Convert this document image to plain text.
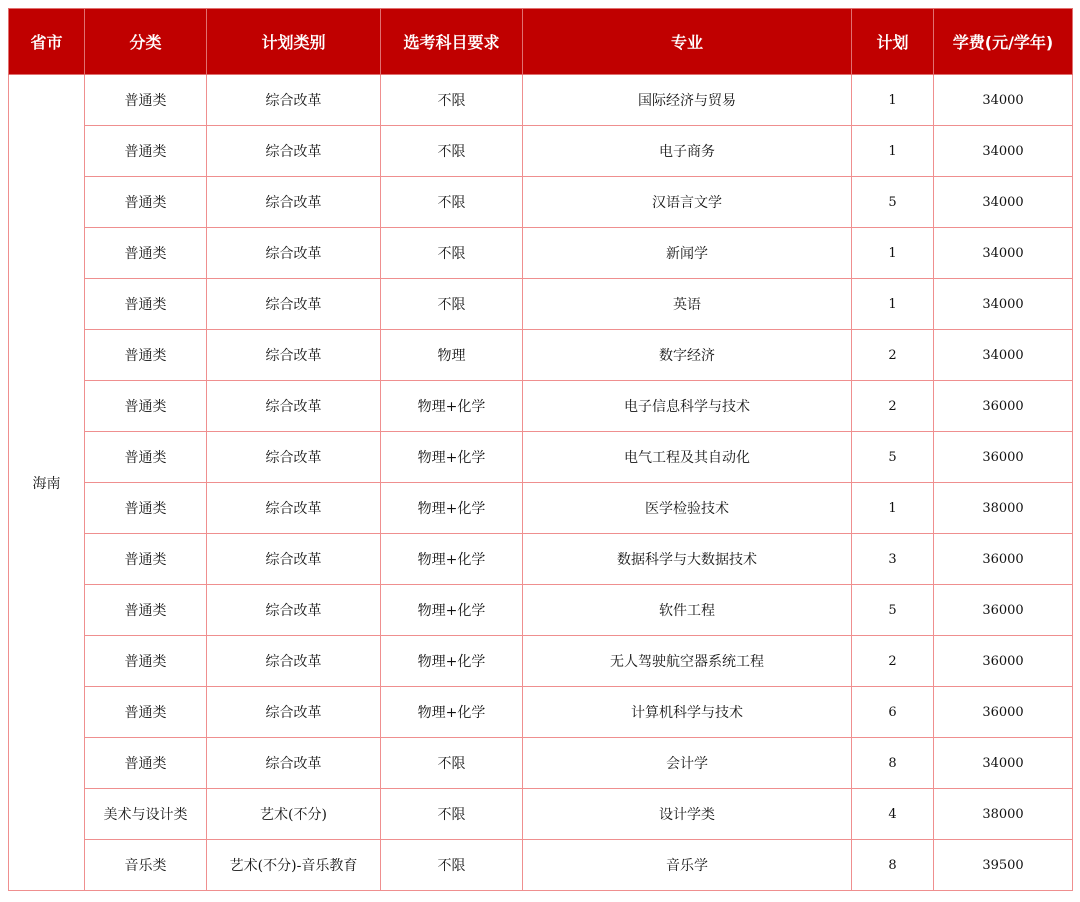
省市	分类	计划类别	选考科目要求	专业	计划	学费(元/学年)
海南	普通类	综合改革	不限	国际经济与贸易	1	34000
	普通类	综合改革	不限	电子商务	1	34000
	普通类	综合改革	不限	汉语言文学	5	34000
	普通类	综合改革	不限	新闻学	1	34000
	普通类	综合改革	不限	英语	1	34000
	普通类	综合改革	物理	数字经济	2	34000
	普通类	综合改革	物理+化学	电子信息科学与技术	2	36000
	普通类	综合改革	物理+化学	电气工程及其自动化	5	36000
	普通类	综合改革	物理+化学	医学检验技术	1	38000
	普通类	综合改革	物理+化学	数据科学与大数据技术	3	36000
	普通类	综合改革	物理+化学	软件工程	5	36000
	普通类	综合改革	物理+化学	无人驾驶航空器系统工程	2	36000
	普通类	综合改革	物理+化学	计算机科学与技术	6	36000
	普通类	综合改革	不限	会计学	8	34000
	美术与设计类	艺术(不分)	不限	设计学类	4	38000
	音乐类	艺术(不分)-音乐教育	不限	音乐学	8	39500
